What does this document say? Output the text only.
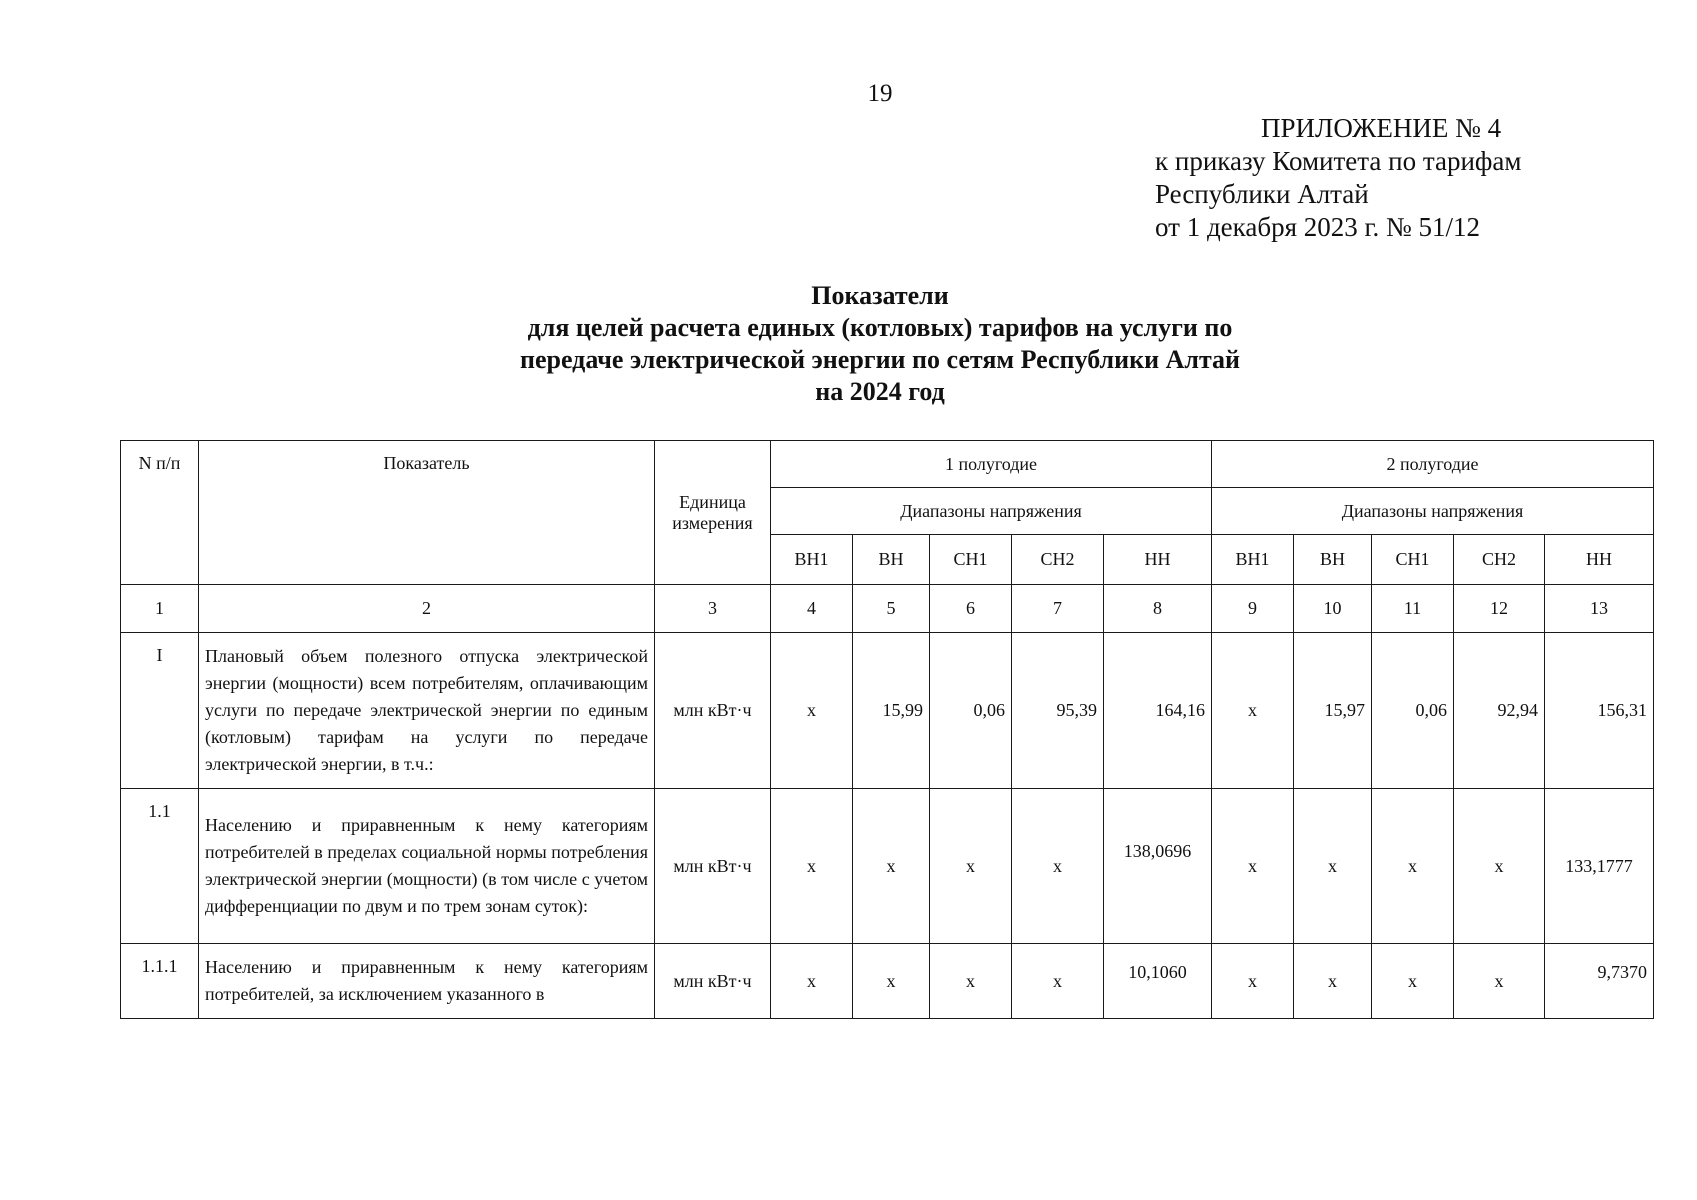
19
ПРИЛОЖЕНИЕ № 4
к приказу Комитета по тарифам
Республики Алтай
от 1 декабря 2023 г. № 51/12
Показатели
для целей расчета единых (котловых) тарифов на услуги по
передаче электрической энергии по сетям Республики Алтай
на 2024 год
N п/п	Показатель	Единица измерения	1 полугодие					2 полугодие				
			Диапазоны напряжения					Диапазоны напряжения				
			ВН1	ВН	СН1	СН2	НН	ВН1	ВН	СН1	СН2	НН
1	2	3	4	5	6	7	8	9	10	11	12	13
I	Плановый объем полезного отпуска электрической энергии (мощности) всем потребителям, оплачивающим услуги по передаче электрической энергии по единым (котловым) тарифам на услуги по передаче электрической энергии, в т.ч.:	млн кВт·ч	х	15,99	0,06	95,39	164,16	х	15,97	0,06	92,94	156,31
1.1	Населению и приравненным к нему категориям потребителей в пределах социальной нормы потребления электрической энергии (мощности) (в том числе с учетом дифференциации по двум и по трем зонам суток):	млн кВт·ч	х	х	х	х	138,0696	х	х	х	х	133,1777
1.1.1	Населению и приравненным к нему категориям потребителей, за исключением указанного в	млн кВт·ч	х	х	х	х	10,1060	х	х	х	х	9,7370
